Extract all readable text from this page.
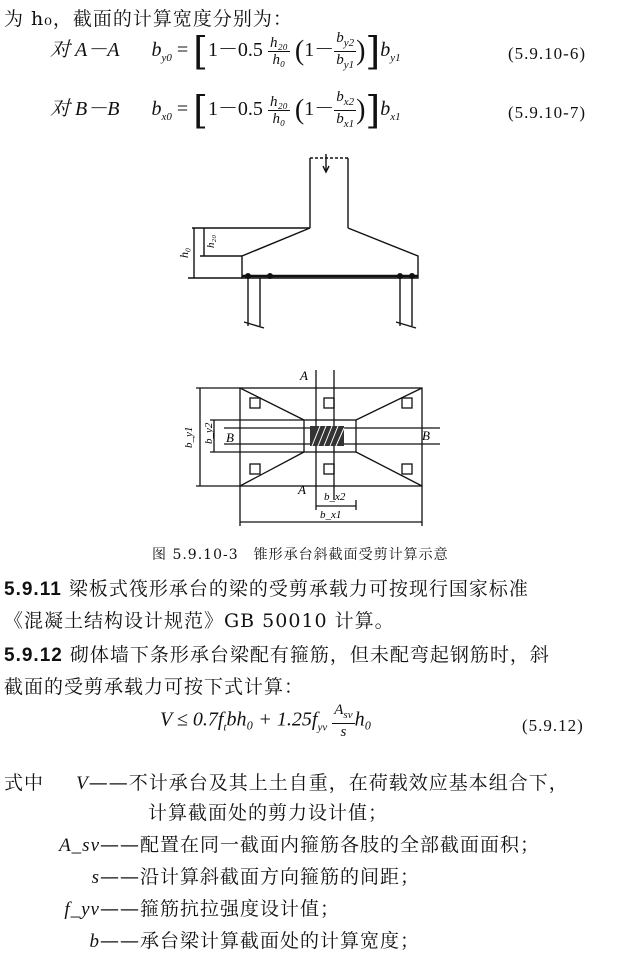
为 h₀，截面的计算宽度分别为：
对 A－A $b_{y0} = [1-0.5 \frac{\text{h₂₀}}{\text{h₀}} (1- \frac{b_{y2}}{b_{y1}} )]b_{y1}$	(5.9.10-6)
对 B－B $b_{x0} = [1-0.5 \frac{\text{h₂₀}}{\text{h₀}} (1- \frac{b_{x2}}{b_{x1}} )]b_{x1}$	(5.9.10-7)
h₀
h₂₀
A
A
B	B
b_y1 b_y2
b_x2
b_x1
图 5.9.10-3　锥形承台斜截面受剪计算示意
5.9.11 梁板式筏形承台的梁的受剪承载力可按现行国家标准
《混凝土结构设计规范》GB 50010 计算。
5.9.12 砌体墙下条形承台梁配有箍筋，但未配弯起钢筋时，斜
截面的受剪承载力可按下式计算：
$V \le 0.7f_tbh_0 + 1.25f_{yv} \frac{A_{sv}}{s} h_0$	(5.9.12)
式中 V——不计承台及其上土自重，在荷载效应基本组合下，
计算截面处的剪力设计值；
A_sv——配置在同一截面内箍筋各肢的全部截面面积；
s——沿计算斜截面方向箍筋的间距；
f_yv——箍筋抗拉强度设计值；
b——承台梁计算截面处的计算宽度；
